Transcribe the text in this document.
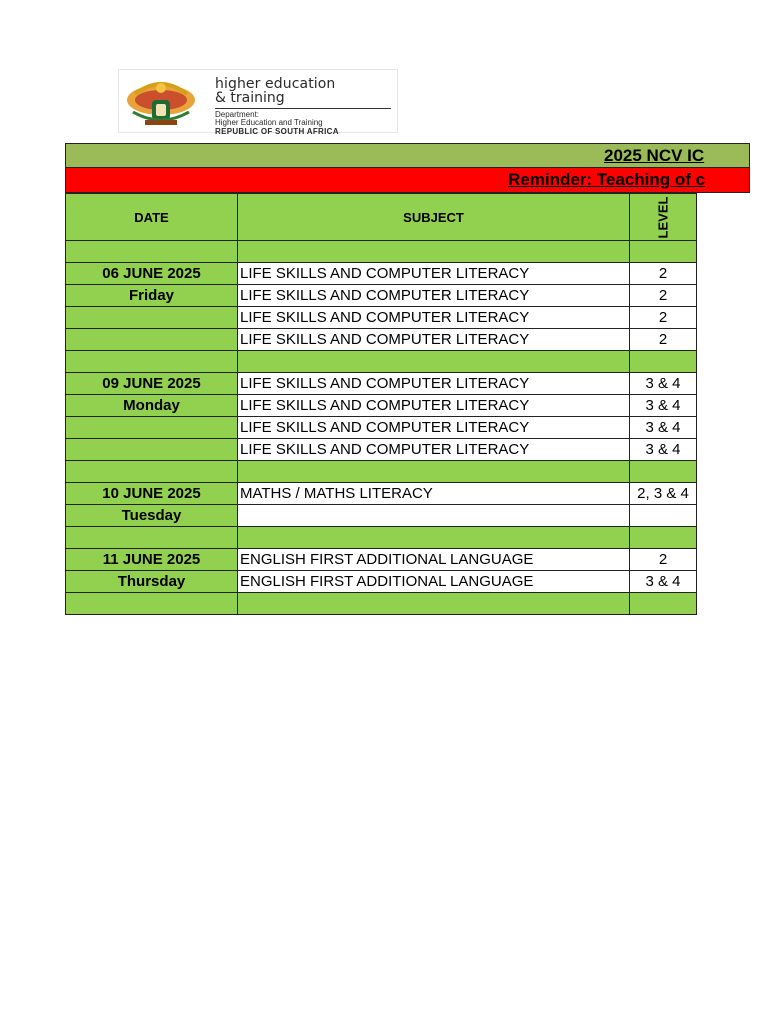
higher education
& training
Department:
Higher Education and Training
REPUBLIC OF SOUTH AFRICA
2025 NCV IC
Reminder: Teaching of c
DATE	SUBJECT	LEVEL

06 JUNE 2025	LIFE SKILLS AND COMPUTER LITERACY	2
Friday	LIFE SKILLS AND COMPUTER LITERACY	2
	LIFE SKILLS AND COMPUTER LITERACY	2
	LIFE SKILLS AND COMPUTER LITERACY	2

09 JUNE 2025	LIFE SKILLS AND COMPUTER LITERACY	3 & 4
Monday	LIFE SKILLS AND COMPUTER LITERACY	3 & 4
	LIFE SKILLS AND COMPUTER LITERACY	3 & 4
	LIFE SKILLS AND COMPUTER LITERACY	3 & 4

10 JUNE 2025	MATHS / MATHS LITERACY	2, 3 & 4
Tuesday		

11 JUNE 2025	ENGLISH FIRST ADDITIONAL LANGUAGE	2
Thursday	ENGLISH FIRST ADDITIONAL LANGUAGE	3 & 4
